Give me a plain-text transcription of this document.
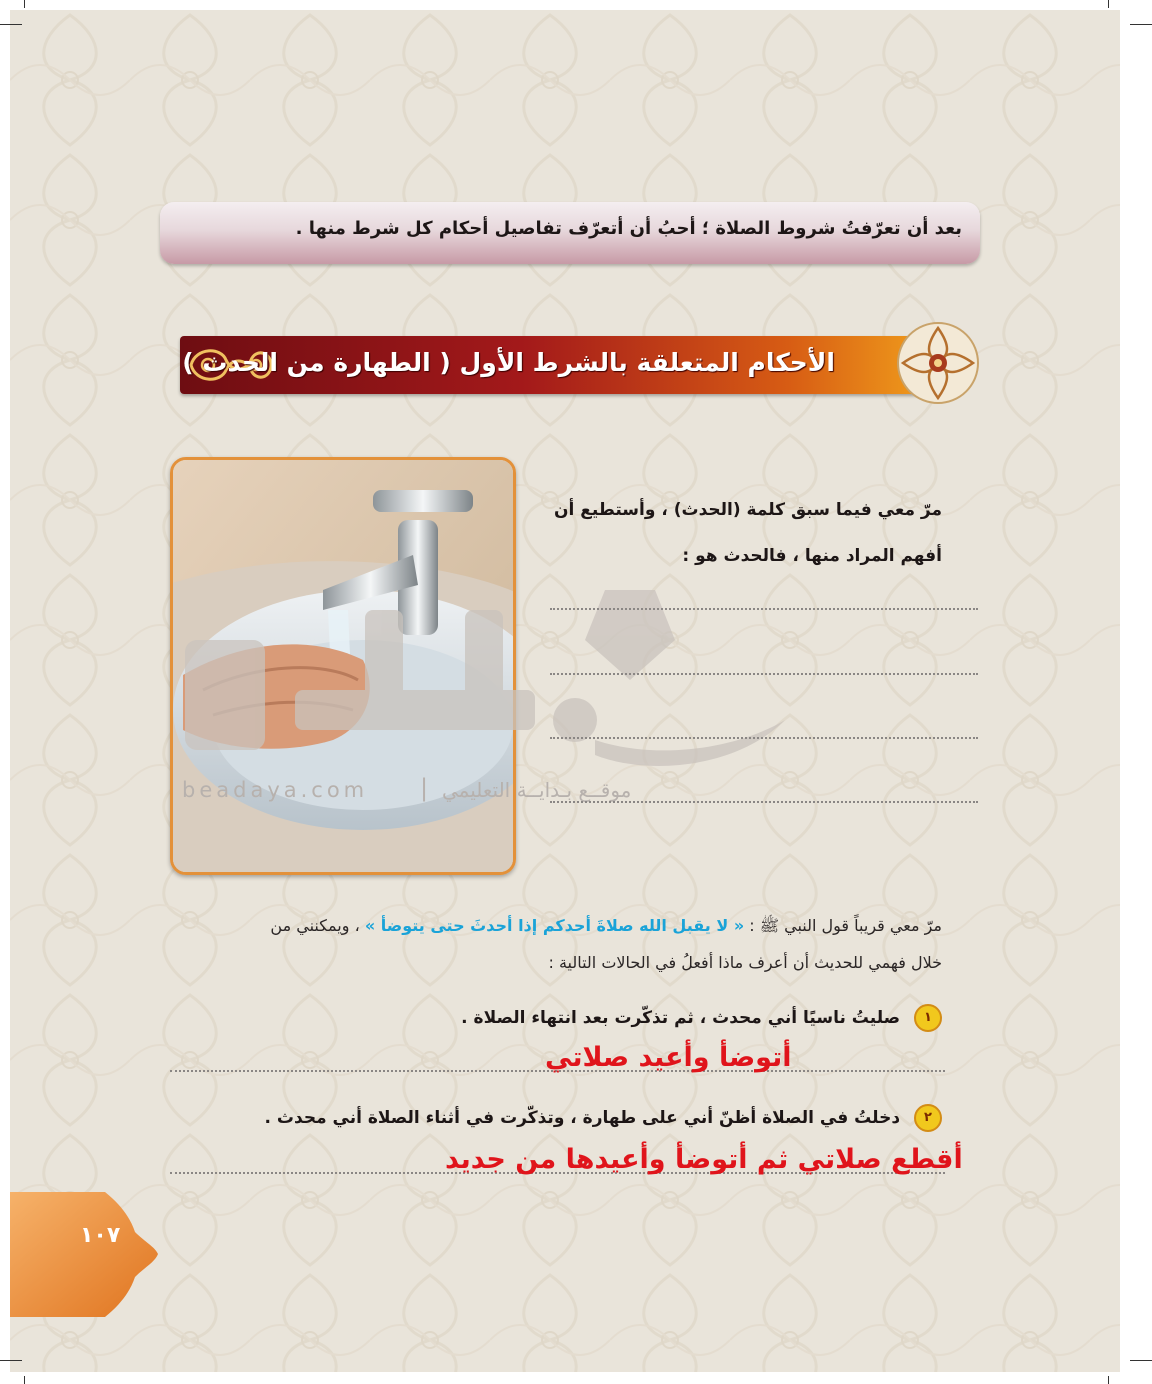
بعد أن تعرّفتُ شروط الصلاة ؛ أحبُ أن أتعرّف تفاصيل أحكام كل شرط منها .
الأحكام المتعلقة بالشرط الأول ( الطهارة من الحدث )
beadaya.com | موقــع بـدايــة التعليمي
مرّ معي فيما سبق كلمة (الحدث) ، وأستطيع أن
أفهم المراد منها ، فالحدث هو :
مرّ معي قريباً قول النبي ﷺ : « لا يقبل الله صلاةَ أحدكم إذا أحدثَ حتى يتوضأ » ، ويمكنني من
خلال فهمي للحديث أن أعرف ماذا أفعلُ في الحالات التالية :
١ صليتُ ناسيًا أني محدث ، ثم تذكّرت بعد انتهاء الصلاة .
أتوضأ وأعيد صلاتي
٢ دخلتُ في الصلاة أظنّ أني على طهارة ، وتذكّرت في أثناء الصلاة أني محدث .
أقطع صلاتي ثم أتوضأ وأعيدها من جديد
١٠٧
